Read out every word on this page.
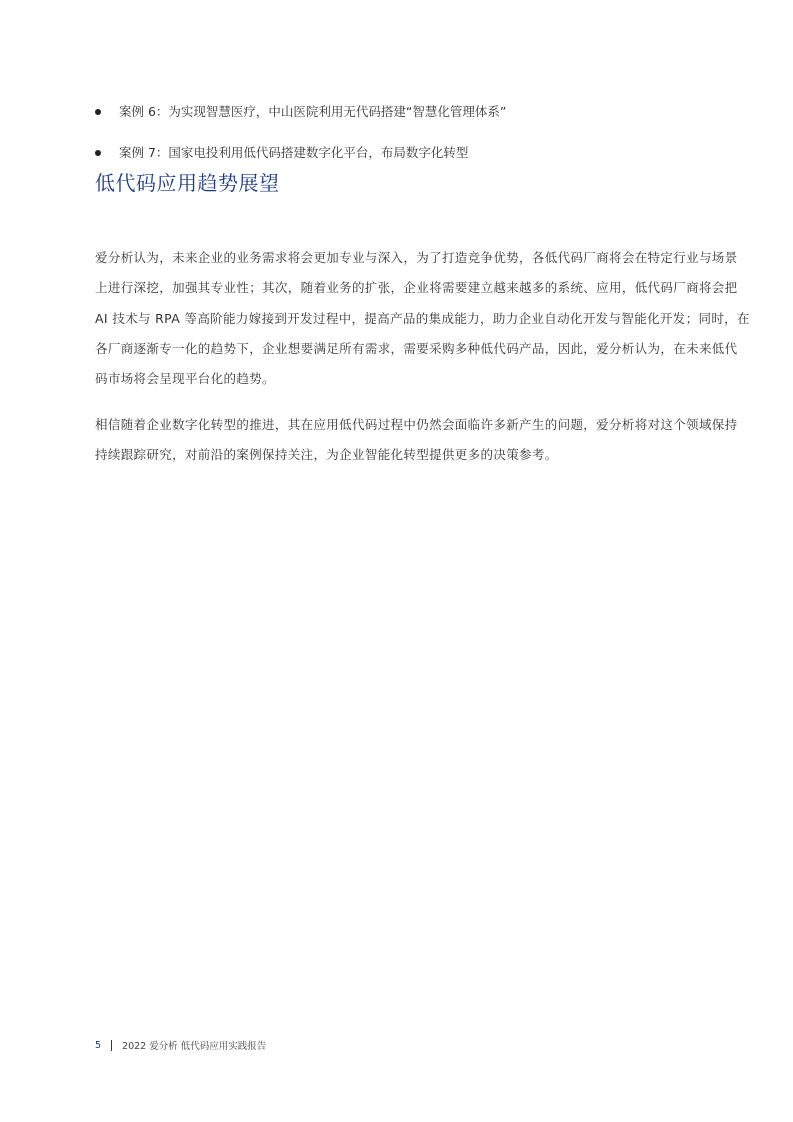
案例 6：为实现智慧医疗，中山医院利用无代码搭建“智慧化管理体系”
案例 7：国家电投利用低代码搭建数字化平台，布局数字化转型
低代码应用趋势展望
爱分析认为，未来企业的业务需求将会更加专业与深入，为了打造竞争优势，各低代码厂商将会在特定行业与场景
上进行深挖，加强其专业性；其次，随着业务的扩张，企业将需要建立越来越多的系统、应用，低代码厂商将会把
AI 技术与 RPA 等高阶能力嫁接到开发过程中，提高产品的集成能力，助力企业自动化开发与智能化开发；同时，在
各厂商逐渐专一化的趋势下，企业想要满足所有需求，需要采购多种低代码产品，因此，爱分析认为，在未来低代
码市场将会呈现平台化的趋势。
相信随着企业数字化转型的推进，其在应用低代码过程中仍然会面临许多新产生的问题，爱分析将对这个领域保持
持续跟踪研究，对前沿的案例保持关注，为企业智能化转型提供更多的决策参考。
5 2022 爱分析 低代码应用实践报告
